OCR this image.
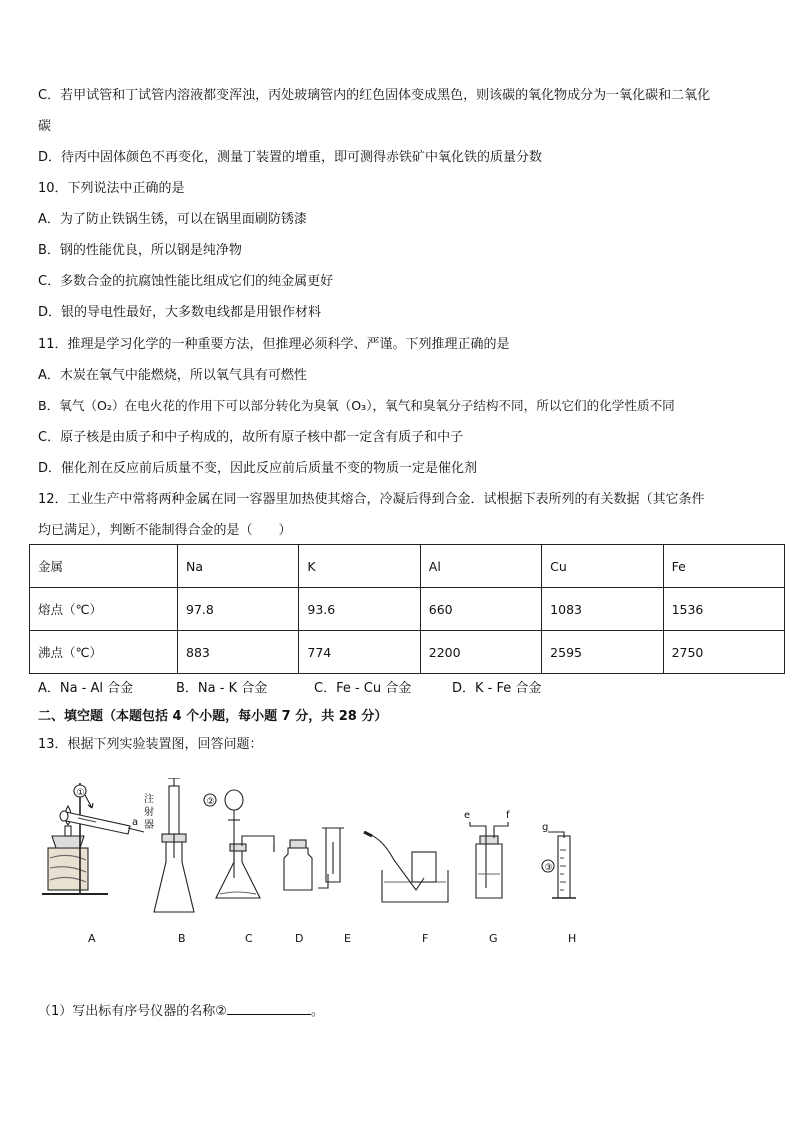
C．若甲试管和丁试管内溶液都变浑浊，丙处玻璃管内的红色固体变成黑色，则该碳的氧化物成分为一氧化碳和二氧化
碳
D．待丙中固体颜色不再变化，测量丁装置的增重，即可测得赤铁矿中氧化铁的质量分数
10．下列说法中正确的是
A．为了防止铁锅生锈，可以在锅里面刷防锈漆
B．钢的性能优良，所以钢是纯净物
C．多数合金的抗腐蚀性能比组成它们的纯金属更好
D．银的导电性最好，大多数电线都是用银作材料
11．推理是学习化学的一种重要方法，但推理必须科学、严谨。下列推理正确的是
A．木炭在氧气中能燃烧，所以氧气具有可燃性
B．氧气（O₂）在电火花的作用下可以部分转化为臭氧（O₃），氧气和臭氧分子结构不同，所以它们的化学性质不同
C．原子核是由质子和中子构成的，故所有原子核中都一定含有质子和中子
D．催化剂在反应前后质量不变，因此反应前后质量不变的物质一定是催化剂
12．工业生产中常将两种金属在同一容器里加热使其熔合，冷凝后得到合金．试根据下表所列的有关数据（其它条件
均已满足），判断不能制得合金的是（　　）
金属	Na	K	Al	Cu	Fe
熔点（℃）	97.8	93.6	660	1083	1536
沸点（℃）	883	774	2200	2595	2750
A．Na - Al 合金	B．Na - K 合金	C．Fe - Cu 合金	D．K - Fe 合金
二、填空题（本题包括 4 个小题，每小题 7 分，共 28 分）
13．根据下列实验装置图，回答问题：
①
a
注
射
器
②
e	f
③
g
A	B	C	D	E	F	G	H
（1）写出标有序号仪器的名称②	。
